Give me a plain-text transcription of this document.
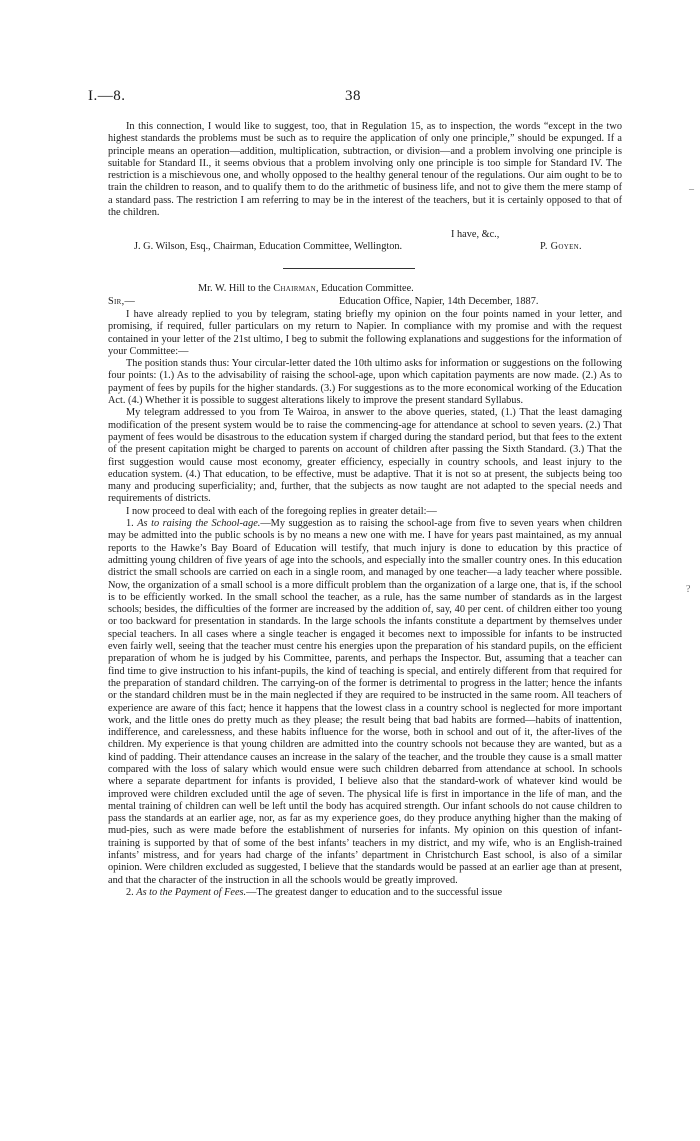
I.—8.	38

In this connection, I would like to suggest, too, that in Regulation 15, as to inspection, the words “except in the two highest standards the problems must be such as to require the application of only one principle,” should be expunged. If a principle means an operation—addition, multiplication, subtraction, or division—and a problem involving one principle is suitable for Standard II., it seems obvious that a problem involving only one principle is too simple for Standard IV. The restriction is a mischievous one, and wholly opposed to the healthy general tenour of the regulations. Our aim ought to be to train the children to reason, and to qualify them to do the arithmetic of business life, and not to give them the mere stamp of a standard pass. The restriction I am referring to may be in the interest of the teachers, but it is certainly opposed to that of the children.

I have, &c.,
J. G. Wilson, Esq., Chairman, Education Committee, Wellington.	P. Goyen.
Mr. W. Hill to the Chairman, Education Committee.
Sir,—	Education Office, Napier, 14th December, 1887.

I have already replied to you by telegram, stating briefly my opinion on the four points named in your letter, and promising, if required, fuller particulars on my return to Napier. In compliance with my promise and with the request contained in your letter of the 21st ultimo, I beg to submit the following explanations and suggestions for the information of your Committee:—

The position stands thus: Your circular-letter dated the 10th ultimo asks for information or suggestions on the following four points: (1.) As to the advisability of raising the school-age, upon which capitation payments are now made. (2.) As to payment of fees by pupils for the higher standards. (3.) For suggestions as to the more economical working of the Education Act. (4.) Whether it is possible to suggest alterations likely to improve the present standard Syllabus.

My telegram addressed to you from Te Wairoa, in answer to the above queries, stated, (1.) That the least damaging modification of the present system would be to raise the commencing-age for attendance at school to seven years. (2.) That payment of fees would be disastrous to the education system if charged during the standard period, but that fees to the extent of the present capitation might be charged to parents on account of children after passing the Sixth Standard. (3.) That the first suggestion would cause most economy, greater efficiency, especially in country schools, and least injury to the education system. (4.) That education, to be effective, must be adaptive. That it is not so at present, the subjects being too many and producing superficiality; and, further, that the subjects as now taught are not adapted to the special needs and requirements of districts.

I now proceed to deal with each of the foregoing replies in greater detail:—

1. As to raising the School-age.—My suggestion as to raising the school-age from five to seven years when children may be admitted into the public schools is by no means a new one with me. I have for years past maintained, as my annual reports to the Hawke’s Bay Board of Education will testify, that much injury is done to education by this practice of admitting young children of five years of age into the schools, and especially into the smaller country ones. In this education district the small schools are carried on each in a single room, and managed by one teacher—a lady teacher where possible. Now, the organization of a small school is a more difficult problem than the organization of a large one, that is, if the school is to be efficiently worked. In the small school the teacher, as a rule, has the same number of standards as in the largest schools; besides, the difficulties of the former are increased by the addition of, say, 40 per cent. of children either too young or too backward for presentation in standards. In the large schools the infants constitute a department by themselves under special teachers. In all cases where a single teacher is engaged it becomes next to impossible for infants to be instructed even fairly well, seeing that the teacher must centre his energies upon the preparation of his standard pupils, on the efficient preparation of whom he is judged by his Committee, parents, and perhaps the Inspector. But, assuming that a teacher can find time to give instruction to his infant-pupils, the kind of teaching is special, and entirely different from that required for the preparation of standard children. The carrying-on of the former is detrimental to progress in the latter; hence the infants or the standard children must be in the main neglected if they are required to be instructed in the same room. All teachers of experience are aware of this fact; hence it happens that the lowest class in a country school is neglected for more important work, and the little ones do pretty much as they please; the result being that bad habits are formed—habits of inattention, indifference, and carelessness, and these habits influence for the worse, both in school and out of it, the after-lives of the children. My experience is that young children are admitted into the country schools not because they are wanted, but as a kind of padding. Their attendance causes an increase in the salary of the teacher, and the trouble they cause is a small matter compared with the loss of salary which would ensue were such children debarred from attendance at school. In schools where a separate department for infants is provided, I believe also that the standard-work of whatever kind would be improved were children excluded until the age of seven. The physical life is first in importance in the life of man, and the mental training of children can well be left until the body has acquired strength. Our infant schools do not cause children to pass the standards at an earlier age, nor, as far as my experience goes, do they produce anything higher than the making of mud-pies, such as were made before the establishment of nurseries for infants. My opinion on this question of infant-training is supported by that of some of the best infants’ teachers in my district, and my wife, who is an English-trained infants’ mistress, and for years had charge of the infants’ department in Christchurch East school, is also of a similar opinion. Were children excluded as suggested, I believe that the standards would be passed at an earlier age than at present, and that the character of the instruction in all the schools would be greatly improved.

2. As to the Payment of Fees.—The greatest danger to education and to the successful issue

–
?
